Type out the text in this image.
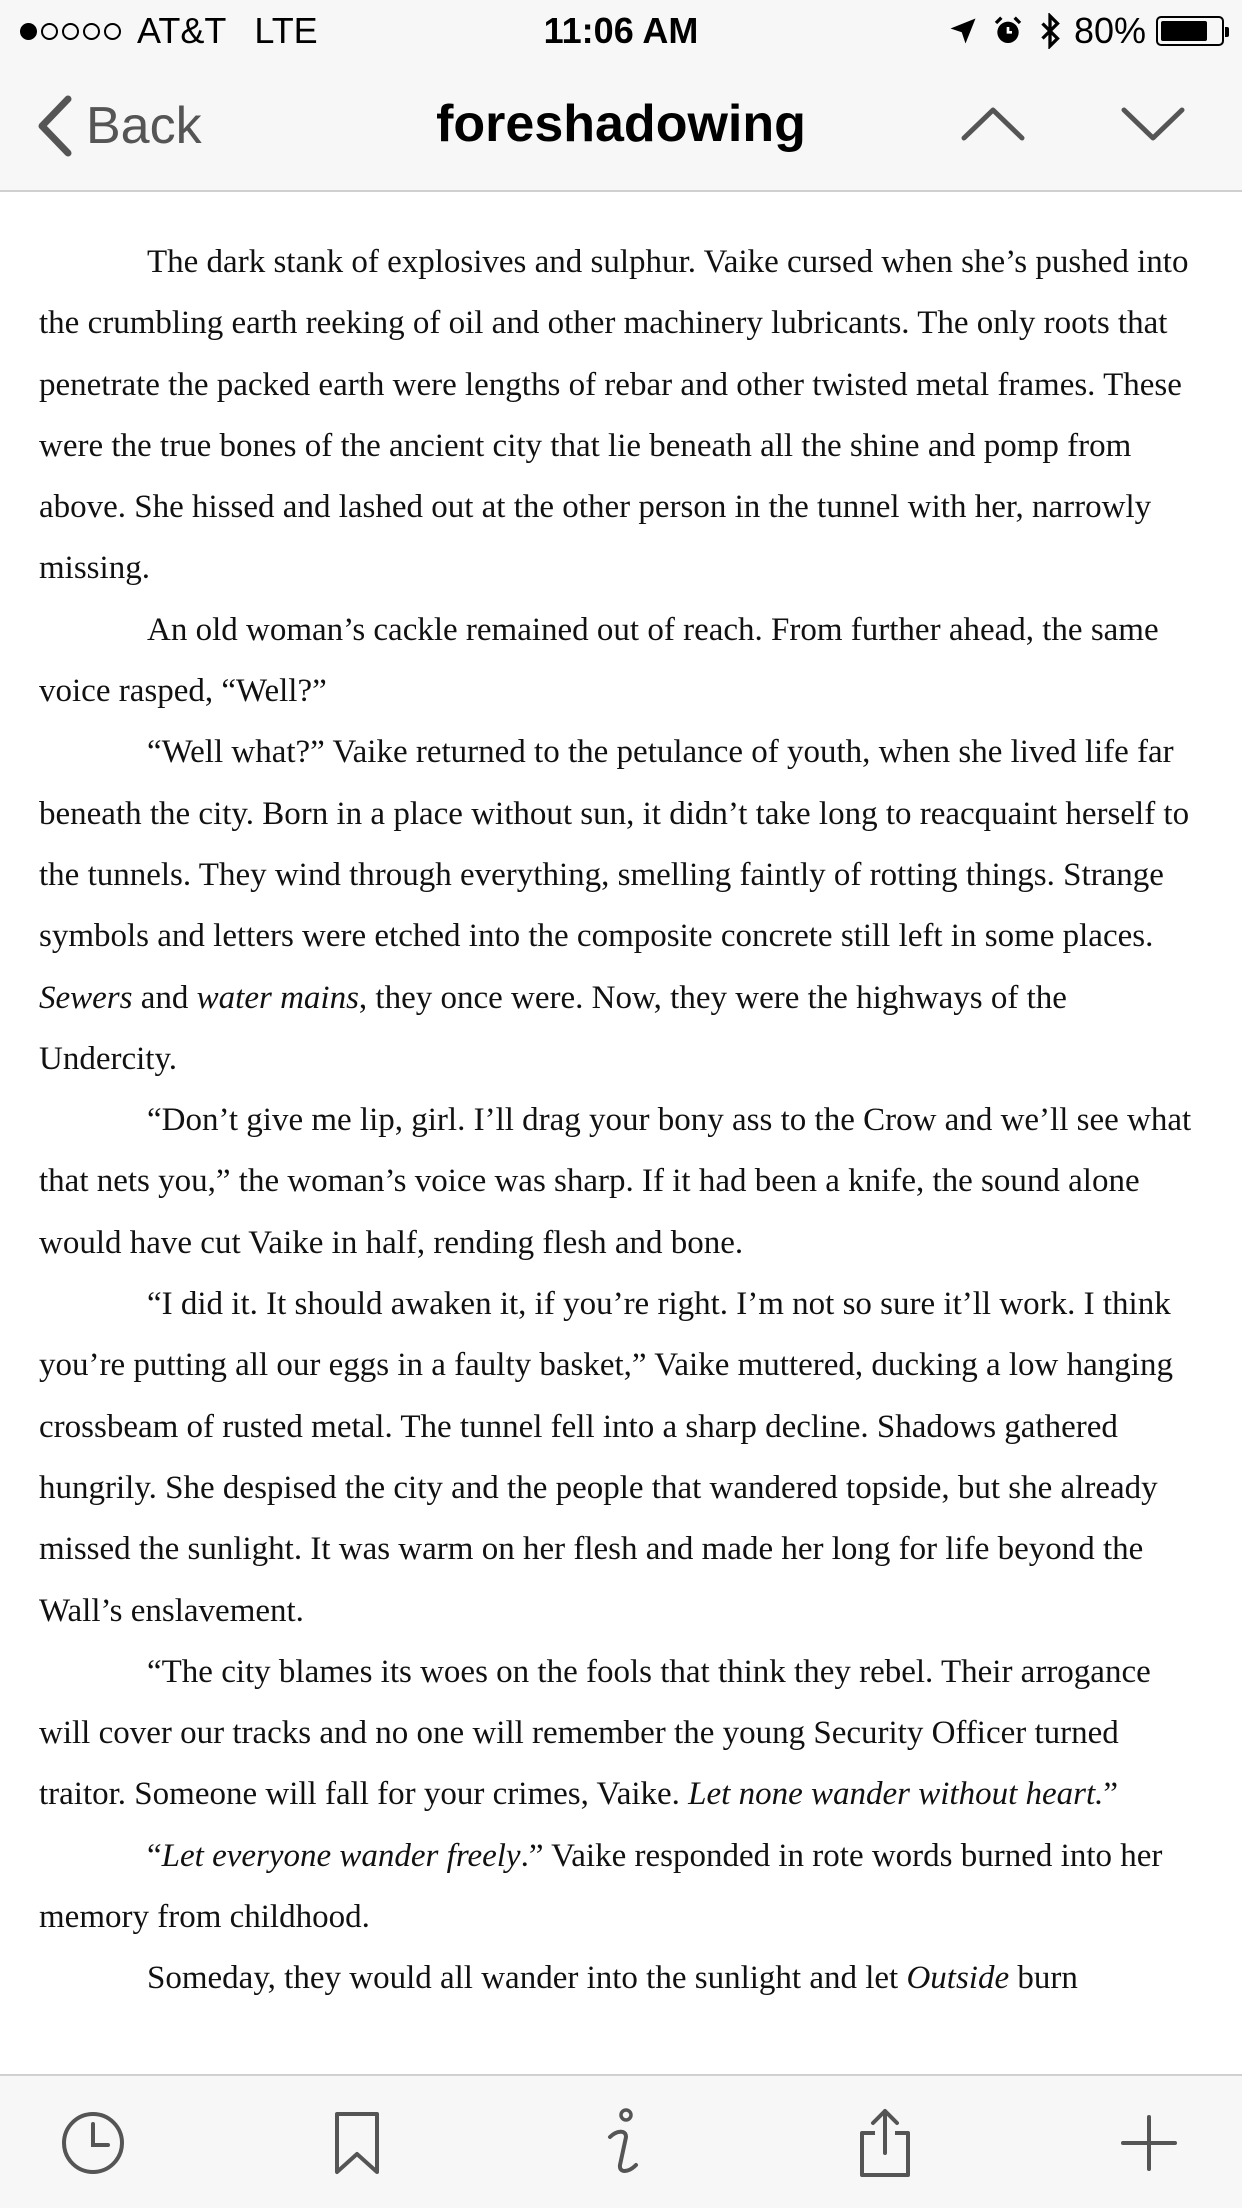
AT&T LTE	11:06 AM	80%
Back	foreshadowing

The dark stank of explosives and sulphur. Vaike cursed when she’s pushed into the crumbling earth reeking of oil and other machinery lubricants. The only roots that penetrate the packed earth were lengths of rebar and other twisted metal frames. These were the true bones of the ancient city that lie beneath all the shine and pomp from above. She hissed and lashed out at the other person in the tunnel with her, narrowly missing.

An old woman’s cackle remained out of reach. From further ahead, the same voice rasped, “Well?”

“Well what?” Vaike returned to the petulance of youth, when she lived life far beneath the city. Born in a place without sun, it didn’t take long to reacquaint herself to the tunnels. They wind through everything, smelling faintly of rotting things. Strange symbols and letters were etched into the composite concrete still left in some places. Sewers and water mains, they once were. Now, they were the highways of the Undercity.

“Don’t give me lip, girl. I’ll drag your bony ass to the Crow and we’ll see what that nets you,” the woman’s voice was sharp. If it had been a knife, the sound alone would have cut Vaike in half, rending flesh and bone.

“I did it. It should awaken it, if you’re right. I’m not so sure it’ll work. I think you’re putting all our eggs in a faulty basket,” Vaike muttered, ducking a low hanging crossbeam of rusted metal. The tunnel fell into a sharp decline. Shadows gathered hungrily. She despised the city and the people that wandered topside, but she already missed the sunlight. It was warm on her flesh and made her long for life beyond the Wall’s enslavement.

“The city blames its woes on the fools that think they rebel. Their arrogance will cover our tracks and no one will remember the young Security Officer turned traitor. Someone will fall for your crimes, Vaike. Let none wander without heart.”

“Let everyone wander freely.” Vaike responded in rote words burned into her memory from childhood.

Someday, they would all wander into the sunlight and let Outside burn
